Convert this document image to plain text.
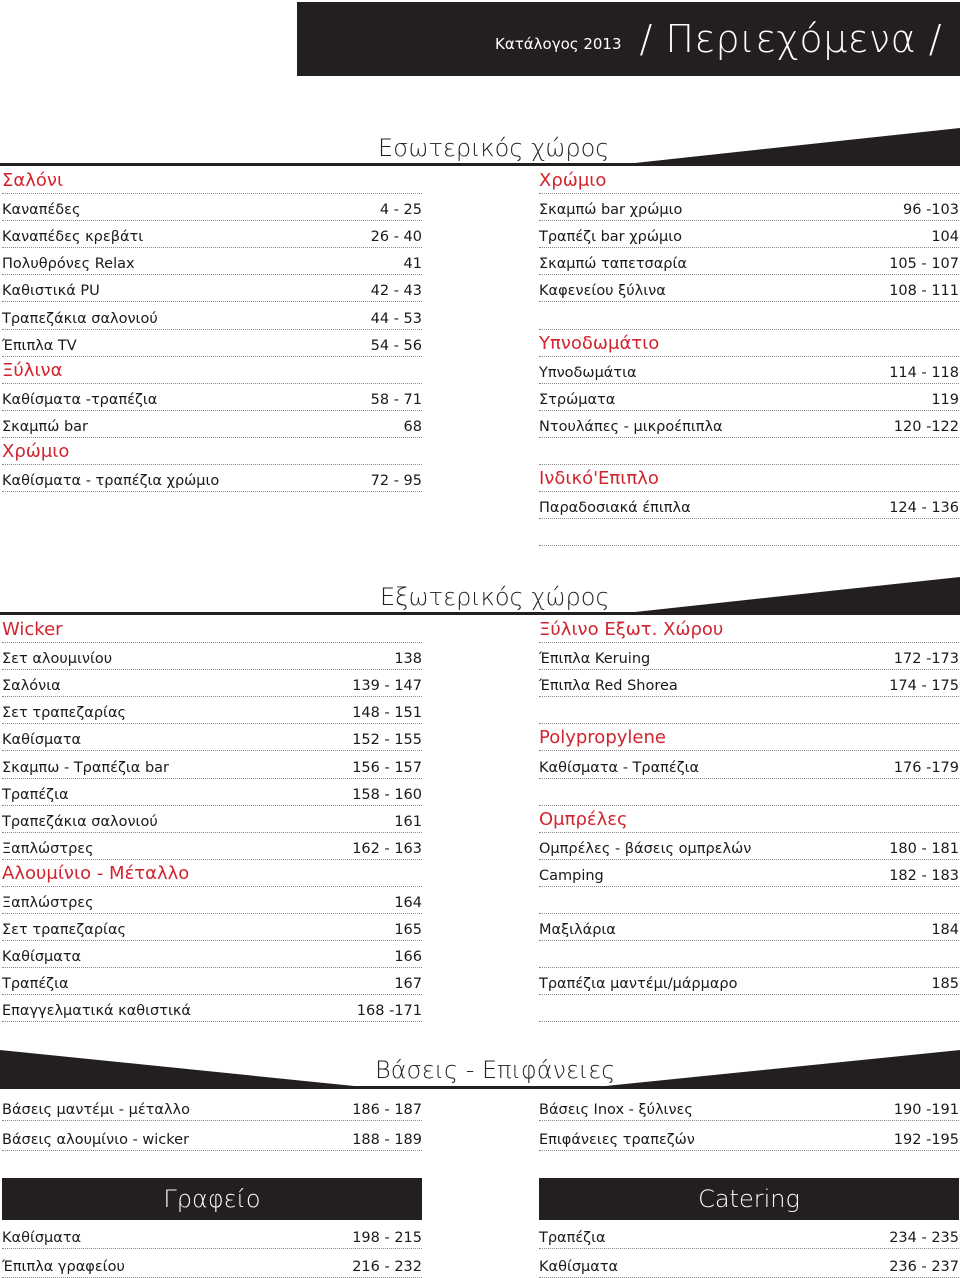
Κατάλογος 2013 / Περιεχόμενα /
Εσωτερικός χώρος
Σαλόνι
Καναπέδες	4 - 25
Καναπέδες κρεβάτι	26 - 40
Πολυθρόνες Relax	41
Καθιστικά PU	42 - 43
Τραπεζάκια σαλονιού	44 - 53
Έπιπλα TV	54 - 56
Ξύλινα
Καθίσματα -τραπέζια	58 - 71
Σκαμπώ bar	68
Χρώμιο
Καθίσματα - τραπέζια χρώμιο	72 - 95
Χρώμιο
Σκαμπώ bar χρώμιο	96 -103
Τραπέζι bar χρώμιο	104
Σκαμπώ ταπετσαρία	105 - 107
Καφενείου ξύλινα	108 - 111
Υπνοδωμάτιο
Υπνοδωμάτια	114 - 118
Στρώματα	119
Ντουλάπες - μικροέπιπλα	120 -122
Ινδικό'Επιπλο
Παραδοσιακά έπιπλα	124 - 136
Εξωτερικός χώρος
Wicker
Σετ αλουμινίου	138
Σαλόνια	139 - 147
Σετ τραπεζαρίας	148 - 151
Καθίσματα	152 - 155
Σκαμπω - Τραπέζια bar	156 - 157
Τραπέζια	158 - 160
Τραπεζάκια σαλονιού	161
Ξαπλώστρες	162 - 163
Αλουμίνιο - Μέταλλο
Ξαπλώστρες	164
Σετ τραπεζαρίας	165
Καθίσματα	166
Τραπέζια	167
Επαγγελματικά καθιστικά	168 -171
Ξύλινο Εξωτ. Χώρου
Έπιπλα Keruing	172 -173
Έπιπλα Red Shorea	174 - 175
Polypropylene
Καθίσματα - Τραπέζια	176 -179
Ομπρέλες
Ομπρέλες - βάσεις ομπρελών	180 - 181
Camping	182 - 183
Μαξιλάρια	184
Τραπέζια μαντέμι/μάρμαρο	185
Βάσεις - Επιφάνειες
Βάσεις μαντέμι - μέταλλο	186 - 187
Βάσεις αλουμίνιο - wicker	188 - 189
Βάσεις Inox - ξύλινες	190 -191
Επιφάνειες τραπεζών	192 -195
Γραφείο	Catering
Καθίσματα	198 - 215
Έπιπλα γραφείου	216 - 232
Τραπέζια	234 - 235
Καθίσματα	236 - 237
